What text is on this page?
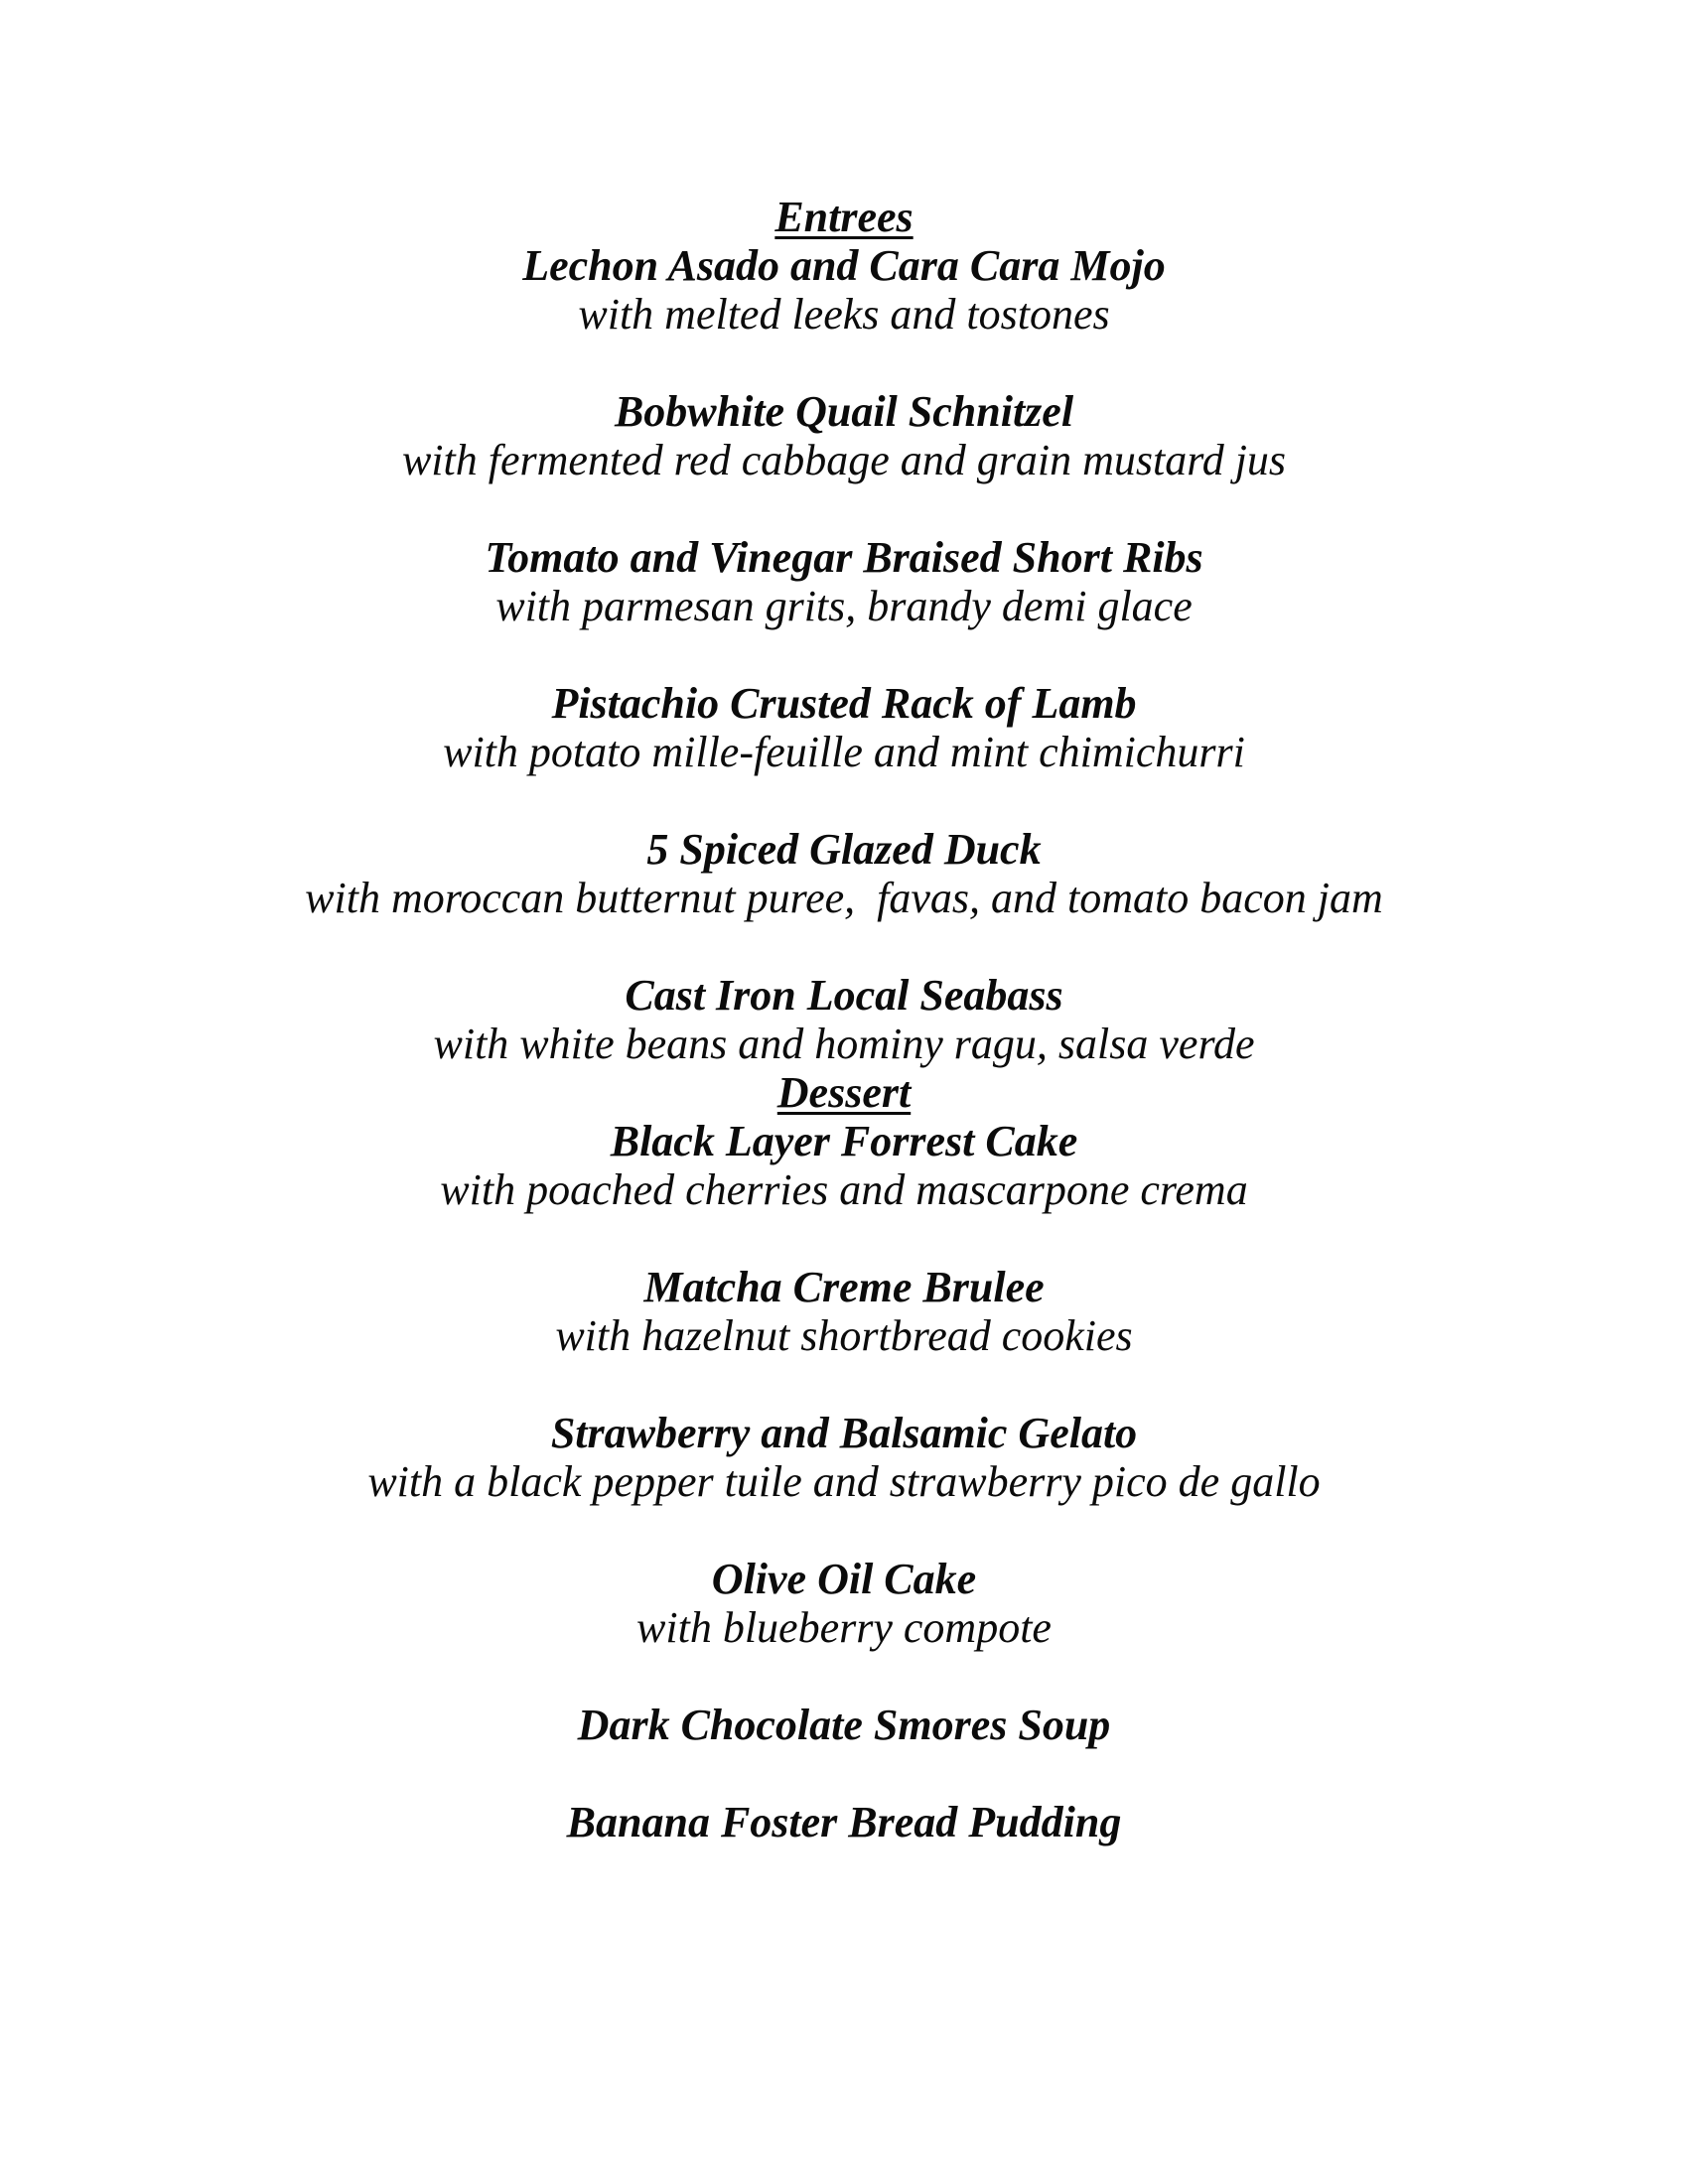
Entrees
Lechon Asado and Cara Cara Mojo
with melted leeks and tostones
Bobwhite Quail Schnitzel
with fermented red cabbage and grain mustard jus
Tomato and Vinegar Braised Short Ribs
with parmesan grits, brandy demi glace
Pistachio Crusted Rack of Lamb
with potato mille-feuille and mint chimichurri
5 Spiced Glazed Duck
with moroccan butternut puree,  favas, and tomato bacon jam
Cast Iron Local Seabass
with white beans and hominy ragu, salsa verde
Dessert
Black Layer Forrest Cake
with poached cherries and mascarpone crema
Matcha Creme Brulee
with hazelnut shortbread cookies
Strawberry and Balsamic Gelato
with a black pepper tuile and strawberry pico de gallo
Olive Oil Cake
with blueberry compote
Dark Chocolate Smores Soup
Banana Foster Bread Pudding
